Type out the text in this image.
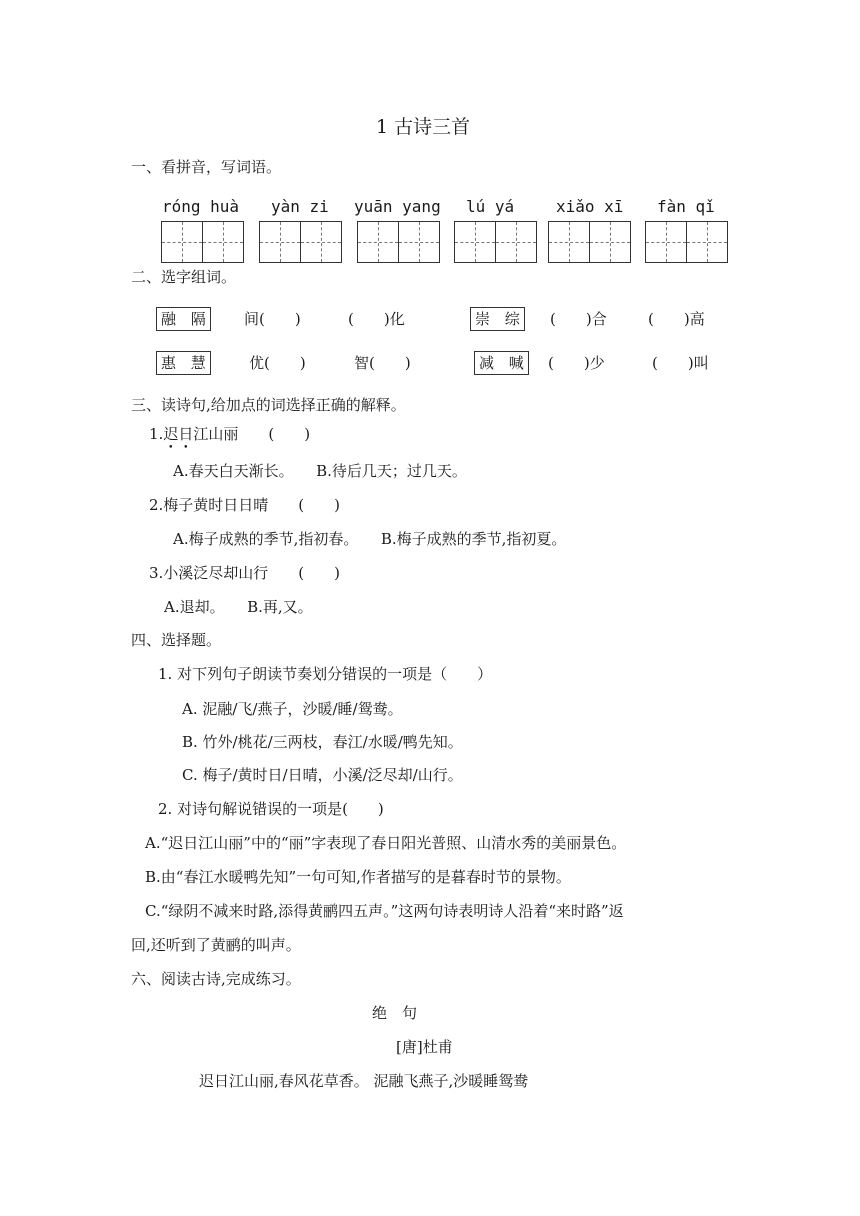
1 古诗三首
一、看拼音，写词语。
róng huà yàn zi yuān yang lú yá	xiǎo xī fàn qǐ
二、选字组词。
融 隔	间(　　)	(　　)化	崇 综	(　　)合	(　　)高
惠 慧	优(　　)	智(　　)	减 喊	(　　)少	(　　)叫
三、读诗句,给加点的词选择正确的解释。
1.迟日江山丽 (　　)
A.春天白天渐长。　　B.待后几天；过几天。
2.梅子黄时日日晴　　(　　)
A.梅子成熟的季节,指初春。　　B.梅子成熟的季节,指初夏。
3.小溪泛尽却山行　　(　　)
A.退却。　　B.再,又。
四、选择题。
1. 对下列句子朗读节奏划分错误的一项是（　　）
A. 泥融/飞/燕子，沙暖/睡/鸳鸯。
B. 竹外/桃花/三两枝，春江/水暖/鸭先知。
C. 梅子/黄时日/日晴，小溪/泛尽却/山行。
2. 对诗句解说错误的一项是(　　)
A.“迟日江山丽”中的“丽”字表现了春日阳光普照、山清水秀的美丽景色。
B.由“春江水暖鸭先知”一句可知,作者描写的是暮春时节的景物。
C.“绿阴不减来时路,添得黄鹂四五声。”这两句诗表明诗人沿着“来时路”返
回,还听到了黄鹂的叫声。
六、阅读古诗,完成练习。
绝　句
[唐]杜甫
迟日江山丽,春风花草香。 泥融飞燕子,沙暖睡鸳鸯
